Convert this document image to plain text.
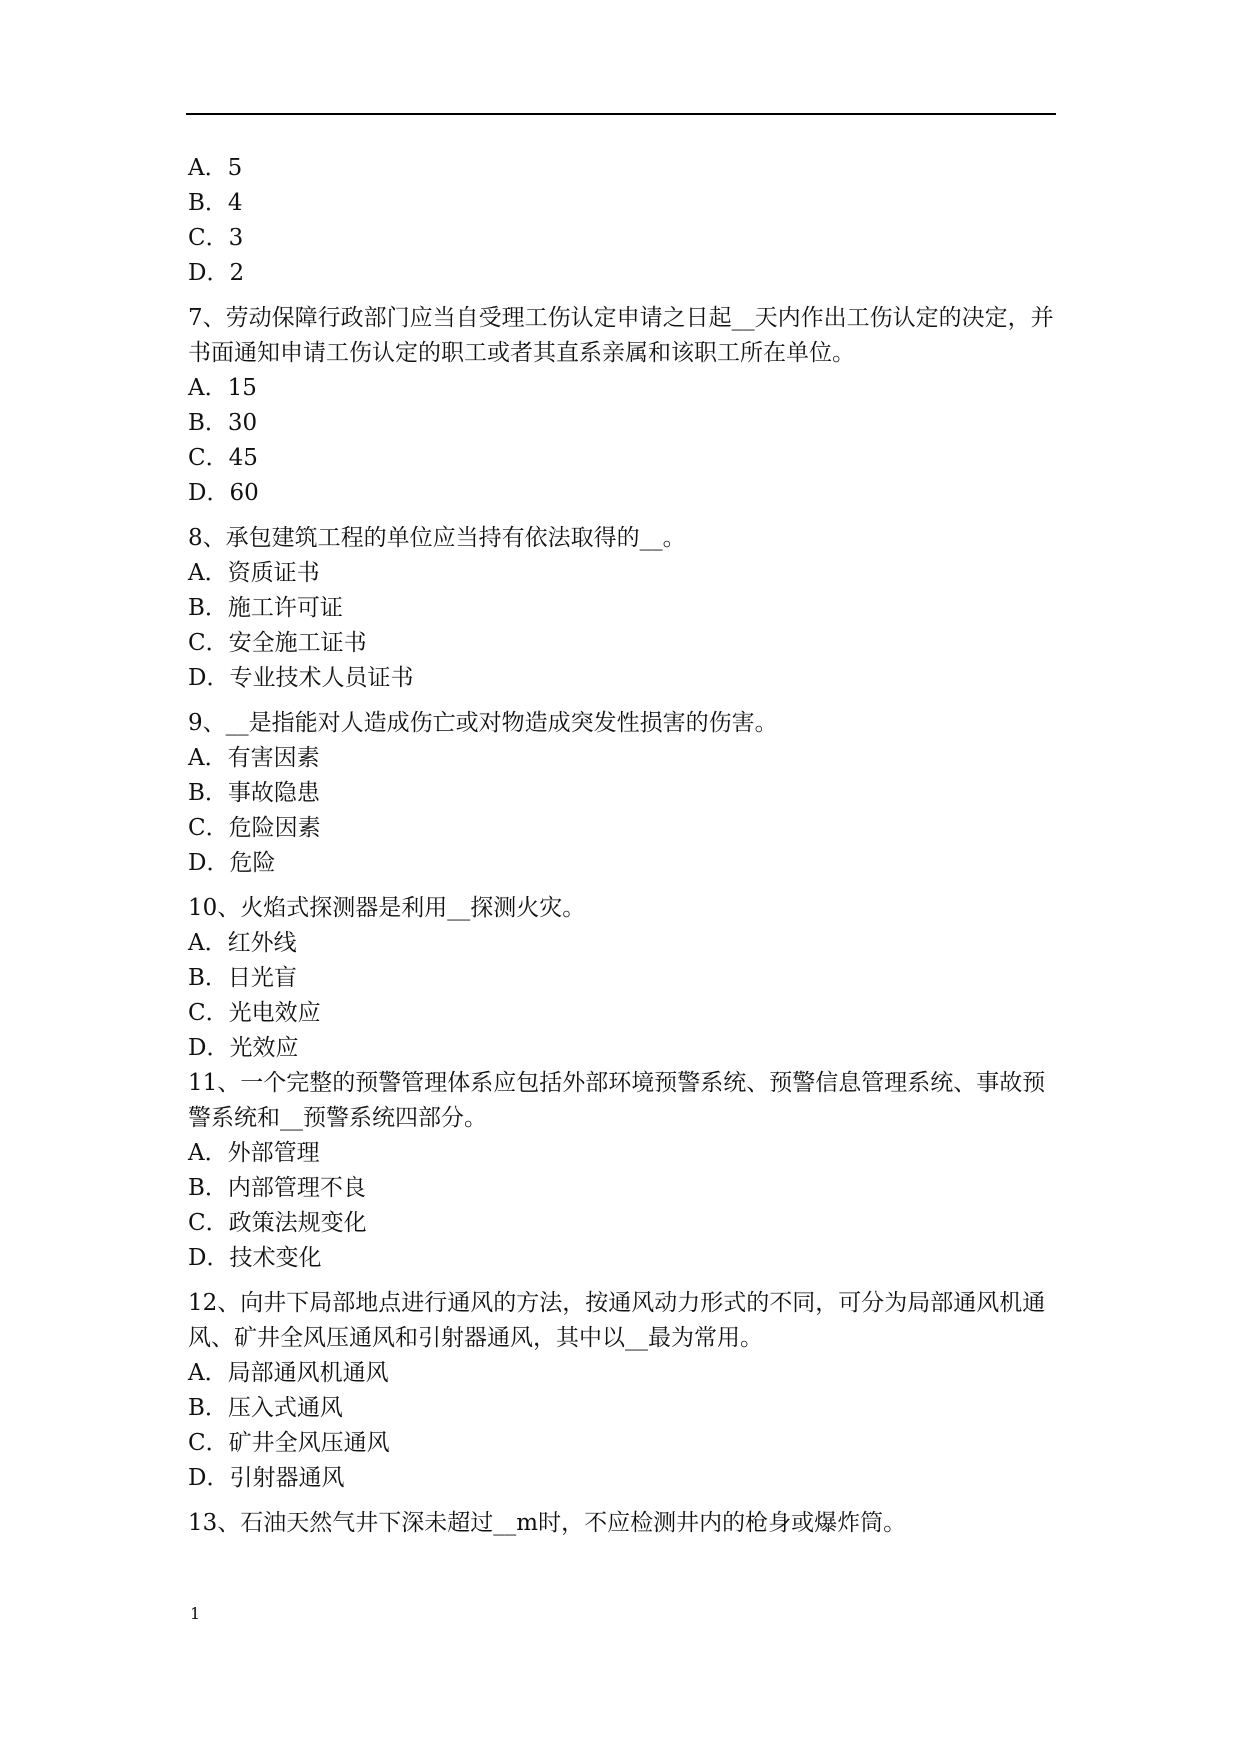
A．5
B．4
C．3
D．2
7、劳动保障行政部门应当自受理工伤认定申请之日起__天内作出工伤认定的决定，并书面通知申请工伤认定的职工或者其直系亲属和该职工所在单位。
A．15
B．30
C．45
D．60
8、承包建筑工程的单位应当持有依法取得的__。
A．资质证书
B．施工许可证
C．安全施工证书
D．专业技术人员证书
9、__是指能对人造成伤亡或对物造成突发性损害的伤害。
A．有害因素
B．事故隐患
C．危险因素
D．危险
10、火焰式探测器是利用__探测火灾。
A．红外线
B．日光盲
C．光电效应
D．光效应
11、一个完整的预警管理体系应包括外部环境预警系统、预警信息管理系统、事故预警系统和__预警系统四部分。
A．外部管理
B．内部管理不良
C．政策法规变化
D．技术变化
12、向井下局部地点进行通风的方法，按通风动力形式的不同，可分为局部通风机通风、矿井全风压通风和引射器通风，其中以__最为常用。
A．局部通风机通风
B．压入式通风
C．矿井全风压通风
D．引射器通风
13、石油天然气井下深未超过__m时，不应检测井内的枪身或爆炸筒。
1
